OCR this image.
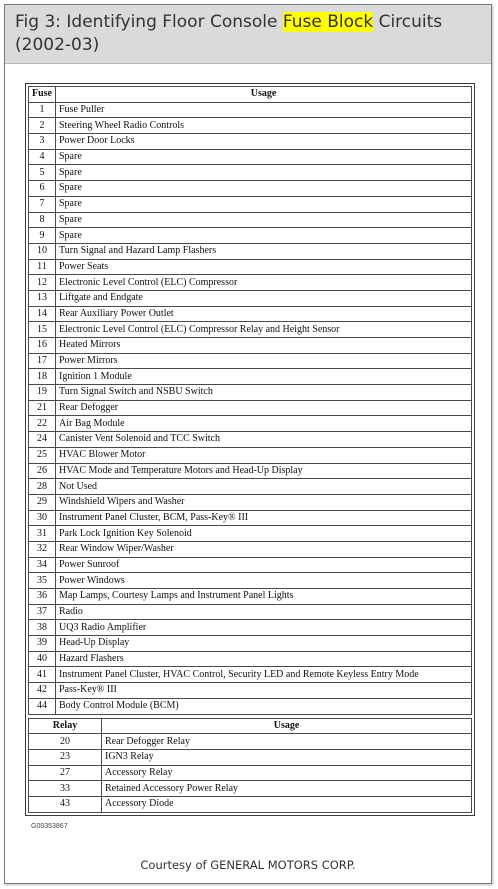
Fig 3: Identifying Floor Console Fuse Block Circuits (2002-03)
Fuse	Usage
1	Fuse Puller
2	Steering Wheel Radio Controls
3	Power Door Locks
4	Spare
5	Spare
6	Spare
7	Spare
8	Spare
9	Spare
10	Turn Signal and Hazard Lamp Flashers
11	Power Seats
12	Electronic Level Control (ELC) Compressor
13	Liftgate and Endgate
14	Rear Auxiliary Power Outlet
15	Electronic Level Control (ELC) Compressor Relay and Height Sensor
16	Heated Mirrors
17	Power Mirrors
18	Ignition 1 Module
19	Turn Signal Switch and NSBU Switch
21	Rear Defogger
22	Air Bag Module
24	Canister Vent Solenoid and TCC Switch
25	HVAC Blower Motor
26	HVAC Mode and Temperature Motors and Head-Up Display
28	Not Used
29	Windshield Wipers and Washer
30	Instrument Panel Cluster, BCM, Pass-Key® III
31	Park Lock Ignition Key Solenoid
32	Rear Window Wiper/Washer
34	Power Sunroof
35	Power Windows
36	Map Lamps, Courtesy Lamps and Instrument Panel Lights
37	Radio
38	UQ3 Radio Amplifier
39	Head-Up Display
40	Hazard Flashers
41	Instrument Panel Cluster, HVAC Control, Security LED and Remote Keyless Entry Mode
42	Pass-Key® III
44	Body Control Module (BCM)
Relay	Usage
20	Rear Defogger Relay
23	IGN3 Relay
27	Accessory Relay
33	Retained Accessory Power Relay
43	Accessory Diode
G00353867
Courtesy of GENERAL MOTORS CORP.
